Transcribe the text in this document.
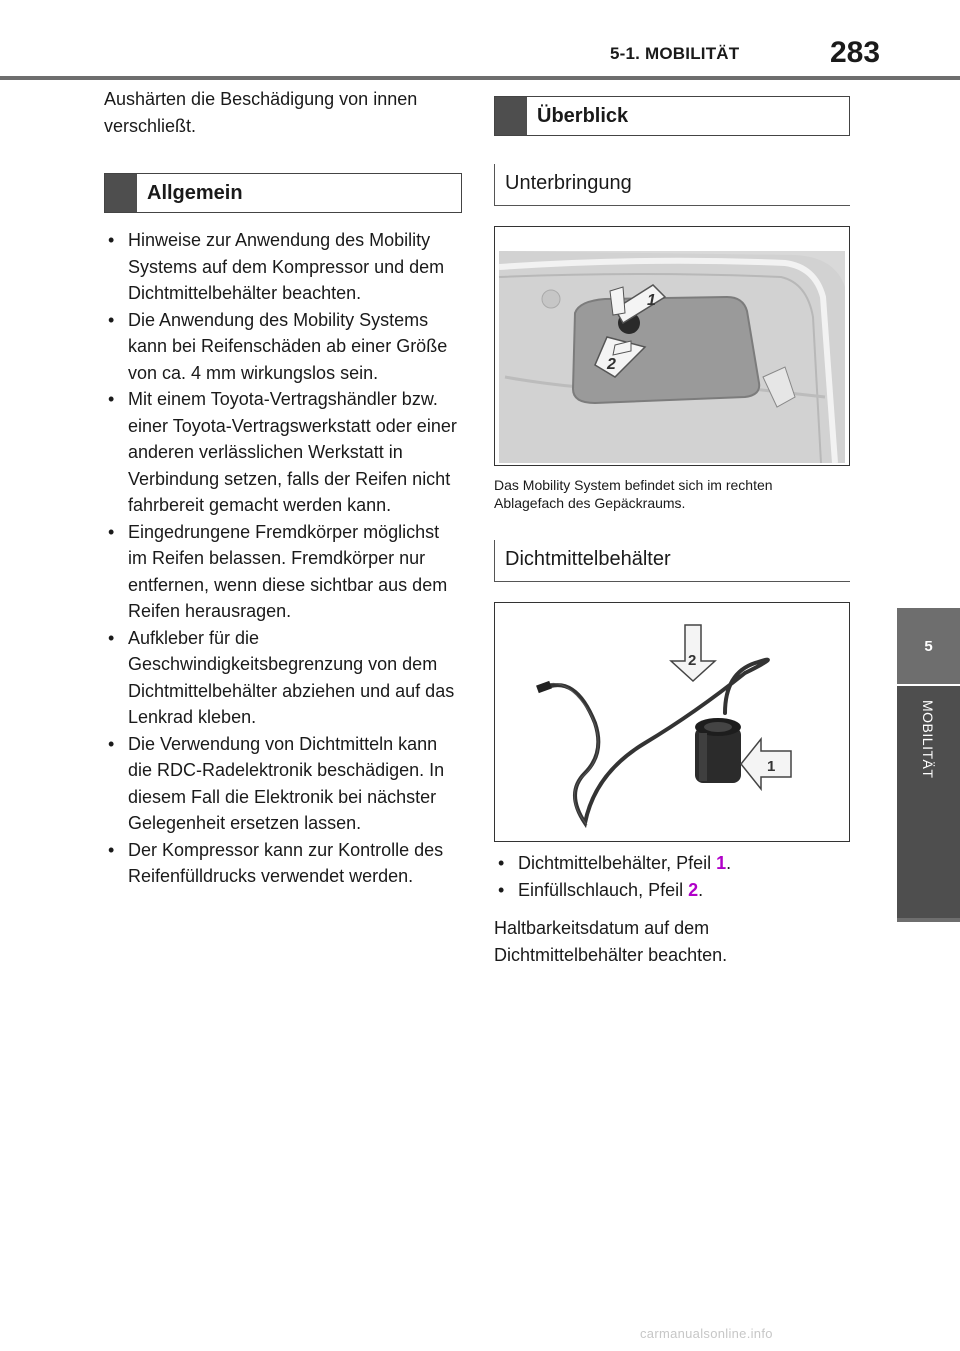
5-1. MOBILITÄT	283
5
MOBILITÄT

Aushärten die Beschädigung von innen verschließt.

Allgemein
• Hinweise zur Anwendung des Mobility Systems auf dem Kompressor und dem Dichtmittelbehälter beachten.
• Die Anwendung des Mobility Systems kann bei Reifenschäden ab einer Größe von ca. 4 mm wirkungslos sein.
• Mit einem Toyota-Vertragshändler bzw. einer Toyota-Vertragswerkstatt oder einer anderen verlässlichen Werkstatt in Verbindung setzen, falls der Reifen nicht fahrbereit gemacht werden kann.
• Eingedrungene Fremdkörper möglichst im Reifen belassen. Fremdkörper nur entfernen, wenn diese sichtbar aus dem Reifen herausragen.
• Aufkleber für die Geschwindigkeitsbegrenzung von dem Dichtmittelbehälter abziehen und auf das Lenkrad kleben.
• Die Verwendung von Dichtmitteln kann die RDC-Radelektronik beschädigen. In diesem Fall die Elektronik bei nächster Gelegenheit ersetzen lassen.
• Der Kompressor kann zur Kontrolle des Reifenfülldrucks verwendet werden.
Überblick
Unterbringung
1
2
Das Mobility System befindet sich im rechten Ablagefach des Gepäckraums.
Dichtmittelbehälter
2
1
• Dichtmittelbehälter, Pfeil 1.
• Einfüllschlauch, Pfeil 2.

Haltbarkeitsdatum auf dem Dichtmittelbehälter beachten.

carmanualsonline.info
